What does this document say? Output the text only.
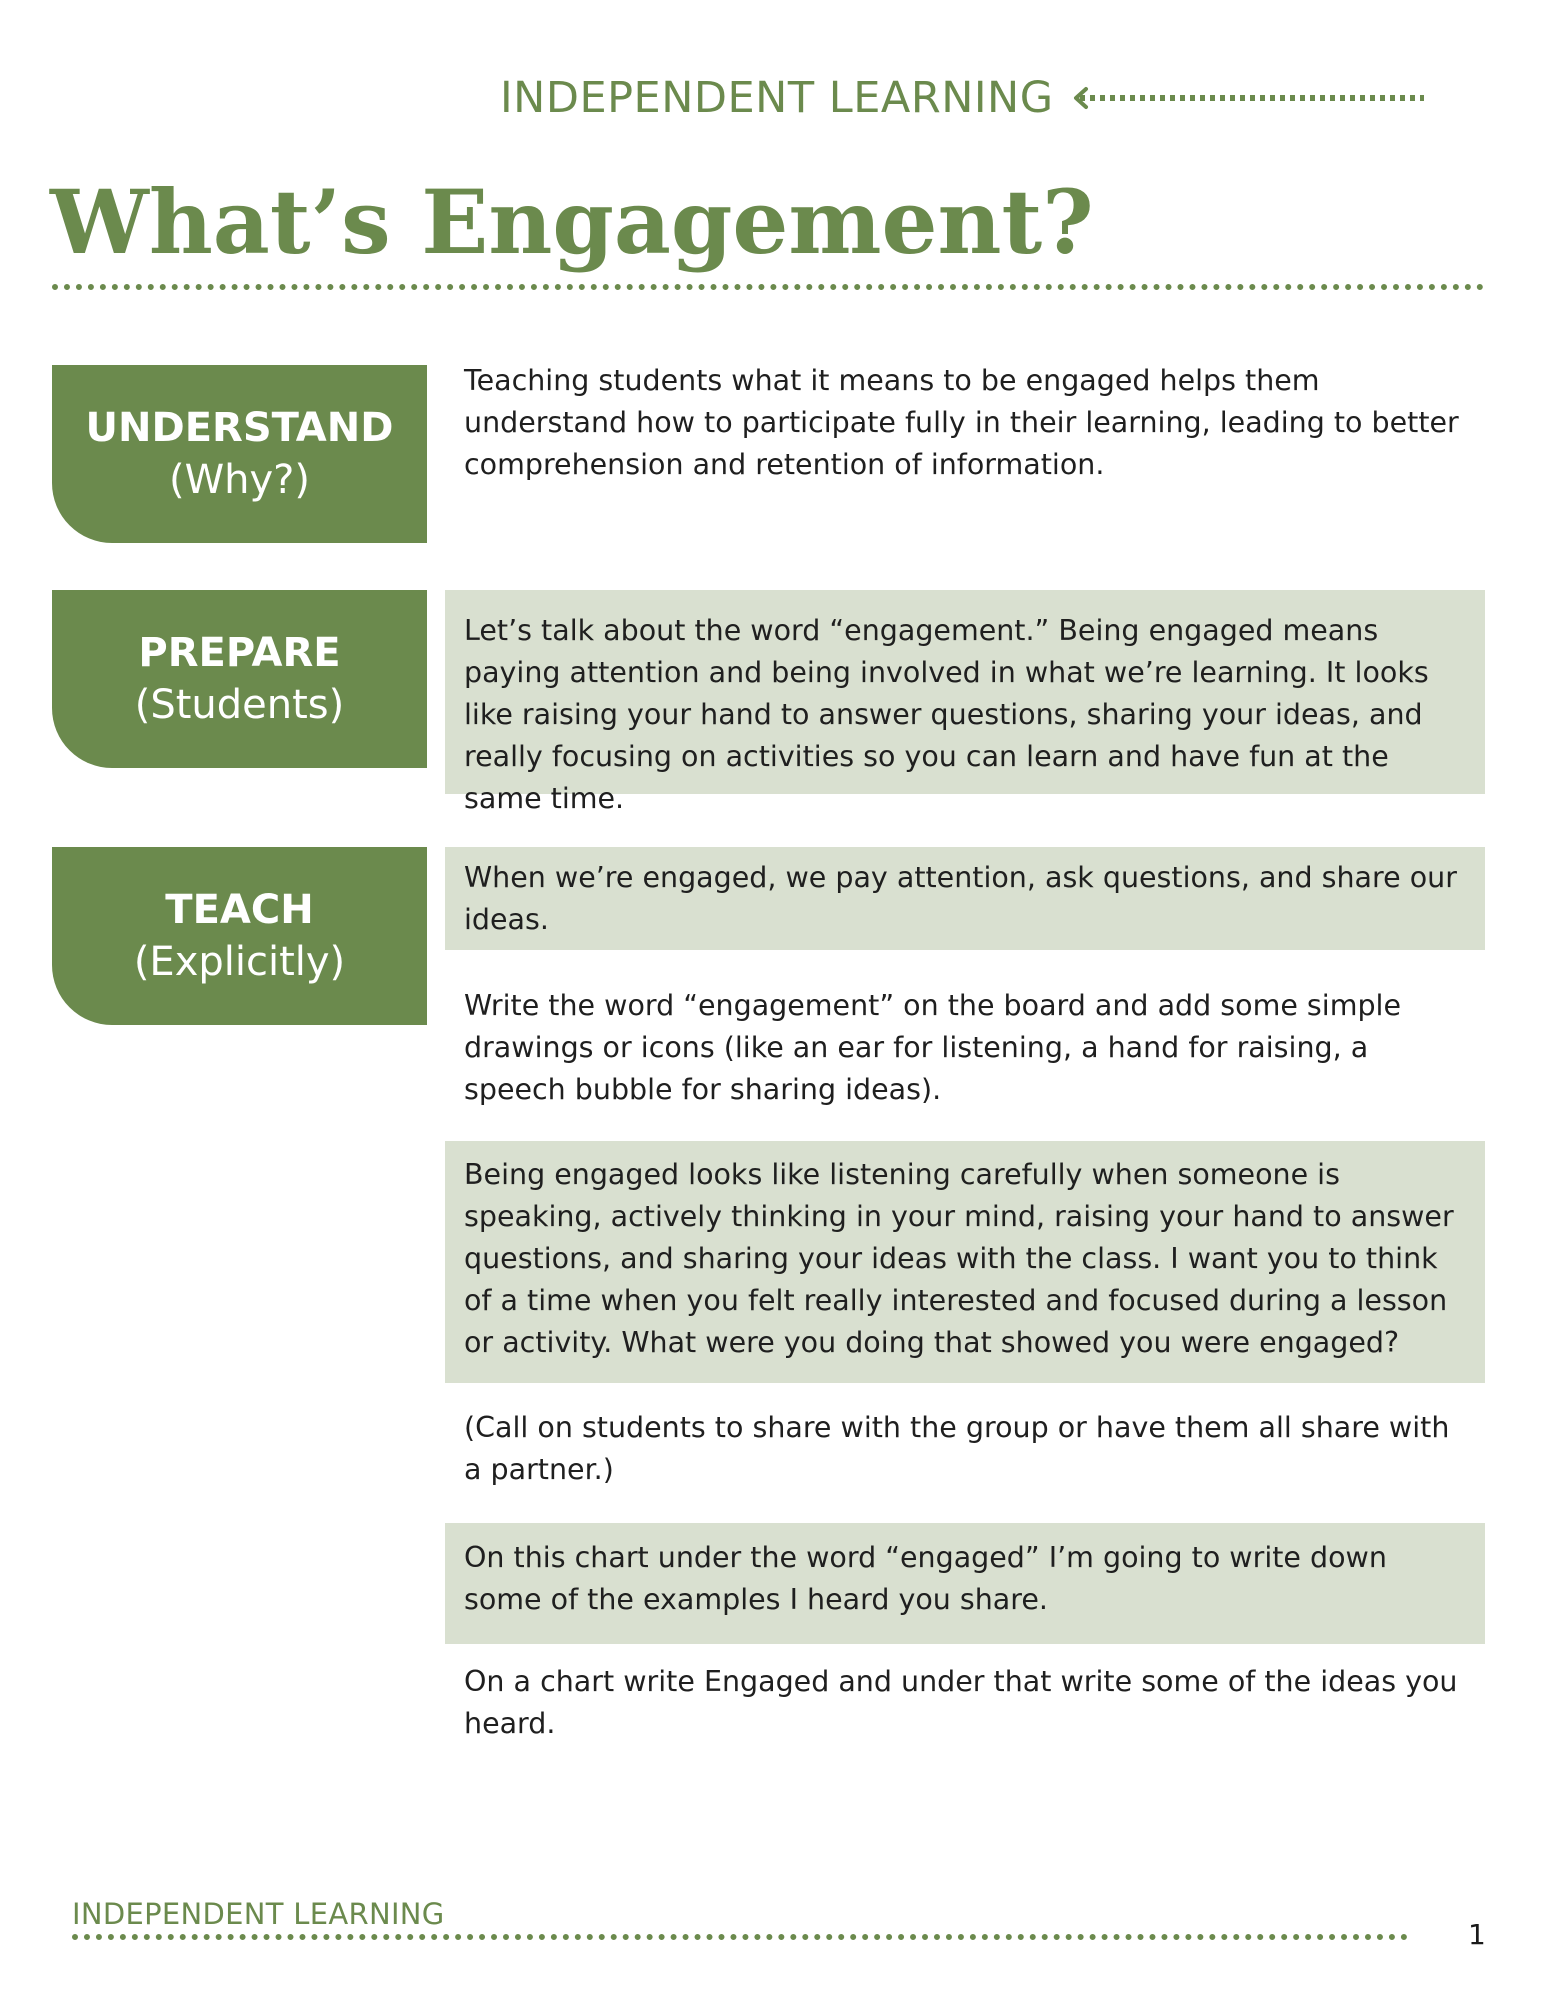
INDEPENDENT LEARNING
What’s Engagement?
UNDERSTAND
(Why?)
Teaching students what it means to be engaged helps them understand how to participate fully in their learning, leading to better comprehension and retention of information.
PREPARE
(Students)
Let’s talk about the word “engagement.” Being engaged means paying attention and being involved in what we’re learning. It looks like raising your hand to answer questions, sharing your ideas, and really focusing on activities so you can learn and have fun at the same time.
TEACH
(Explicitly)
When we’re engaged, we pay attention, ask questions, and share our ideas.
Write the word “engagement” on the board and add some simple drawings or icons (like an ear for listening, a hand for raising, a speech bubble for sharing ideas).
Being engaged looks like listening carefully when someone is speaking, actively thinking in your mind, raising your hand to answer questions, and sharing your ideas with the class. I want you to think of a time when you felt really interested and focused during a lesson or activity. What were you doing that showed you were engaged?
(Call on students to share with the group or have them all share with a partner.)
On this chart under the word “engaged” I’m going to write down some of the examples I heard you share.
On a chart write Engaged and under that write some of the ideas you heard.
INDEPENDENT LEARNING
1
